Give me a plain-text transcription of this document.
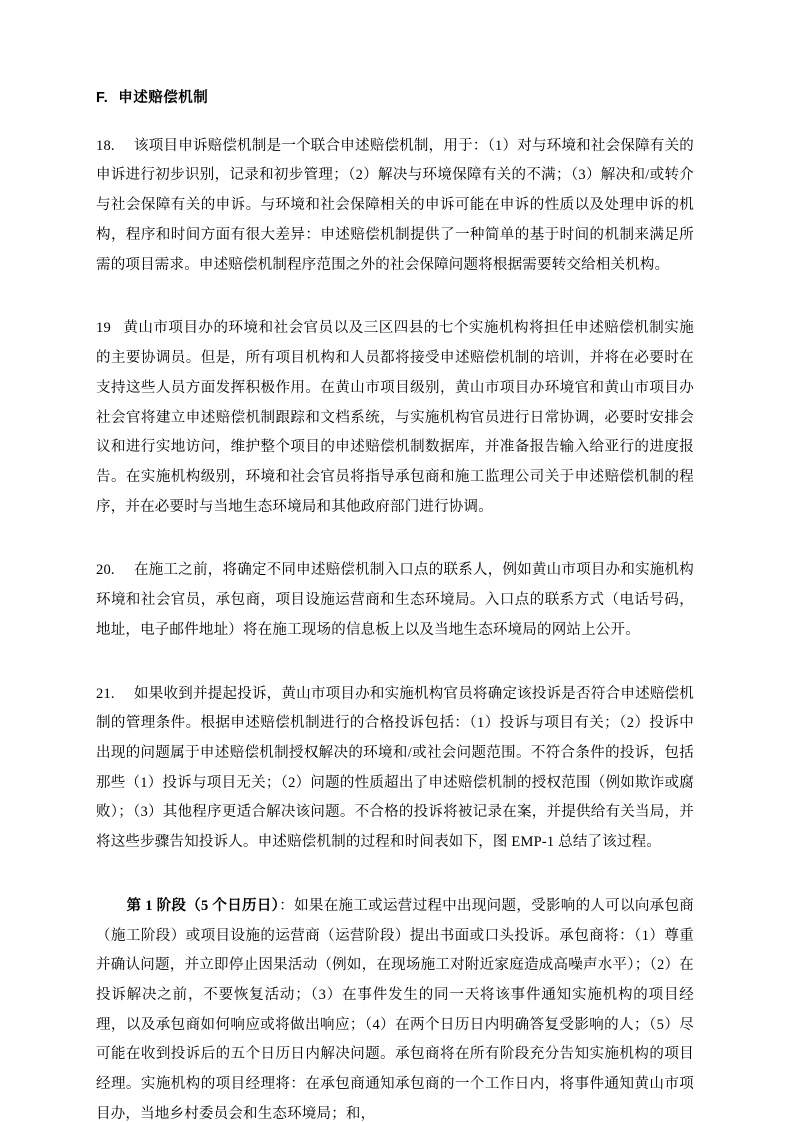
F. 申述赔偿机制

18. 该项目申诉赔偿机制是一个联合申述赔偿机制，用于：（1）对与环境和社会保障有关的申诉进行初步识别，记录和初步管理；（2）解决与环境保障有关的不满；（3）解决和/或转介与社会保障有关的申诉。与环境和社会保障相关的申诉可能在申诉的性质以及处理申诉的机构，程序和时间方面有很大差异：申述赔偿机制提供了一种简单的基于时间的机制来满足所需的项目需求。申述赔偿机制程序范围之外的社会保障问题将根据需要转交给相关机构。

19 黄山市项目办的环境和社会官员以及三区四县的七个实施机构将担任申述赔偿机制实施的主要协调员。但是，所有项目机构和人员都将接受申述赔偿机制的培训，并将在必要时在支持这些人员方面发挥积极作用。在黄山市项目级别，黄山市项目办环境官和黄山市项目办社会官将建立申述赔偿机制跟踪和文档系统，与实施机构官员进行日常协调，必要时安排会议和进行实地访问，维护整个项目的申述赔偿机制数据库，并准备报告输入给亚行的进度报告。在实施机构级别，环境和社会官员将指导承包商和施工监理公司关于申述赔偿机制的程序，并在必要时与当地生态环境局和其他政府部门进行协调。

20. 在施工之前，将确定不同申述赔偿机制入口点的联系人，例如黄山市项目办和实施机构环境和社会官员，承包商，项目设施运营商和生态环境局。入口点的联系方式（电话号码，地址，电子邮件地址）将在施工现场的信息板上以及当地生态环境局的网站上公开。

21. 如果收到并提起投诉，黄山市项目办和实施机构官员将确定该投诉是否符合申述赔偿机制的管理条件。根据申述赔偿机制进行的合格投诉包括：（1）投诉与项目有关；（2）投诉中出现的问题属于申述赔偿机制授权解决的环境和/或社会问题范围。不符合条件的投诉，包括那些（1）投诉与项目无关；（2）问题的性质超出了申述赔偿机制的授权范围（例如欺诈或腐败）；（3）其他程序更适合解决该问题。不合格的投诉将被记录在案，并提供给有关当局，并将这些步骤告知投诉人。申述赔偿机制的过程和时间表如下，图 EMP-1 总结了该过程。

第 1 阶段（5 个日历日）：如果在施工或运营过程中出现问题，受影响的人可以向承包商（施工阶段）或项目设施的运营商（运营阶段）提出书面或口头投诉。承包商将：（1）尊重并确认问题，并立即停止因果活动（例如，在现场施工对附近家庭造成高噪声水平）；（2）在投诉解决之前，不要恢复活动；（3）在事件发生的同一天将该事件通知实施机构的项目经理，以及承包商如何响应或将做出响应；（4）在两个日历日内明确答复受影响的人；（5）尽可能在收到投诉后的五个日历日内解决问题。承包商将在所有阶段充分告知实施机构的项目经理。实施机构的项目经理将：在承包商通知承包商的一个工作日内，将事件通知黄山市项目办，当地乡村委员会和生态环境局；和，
